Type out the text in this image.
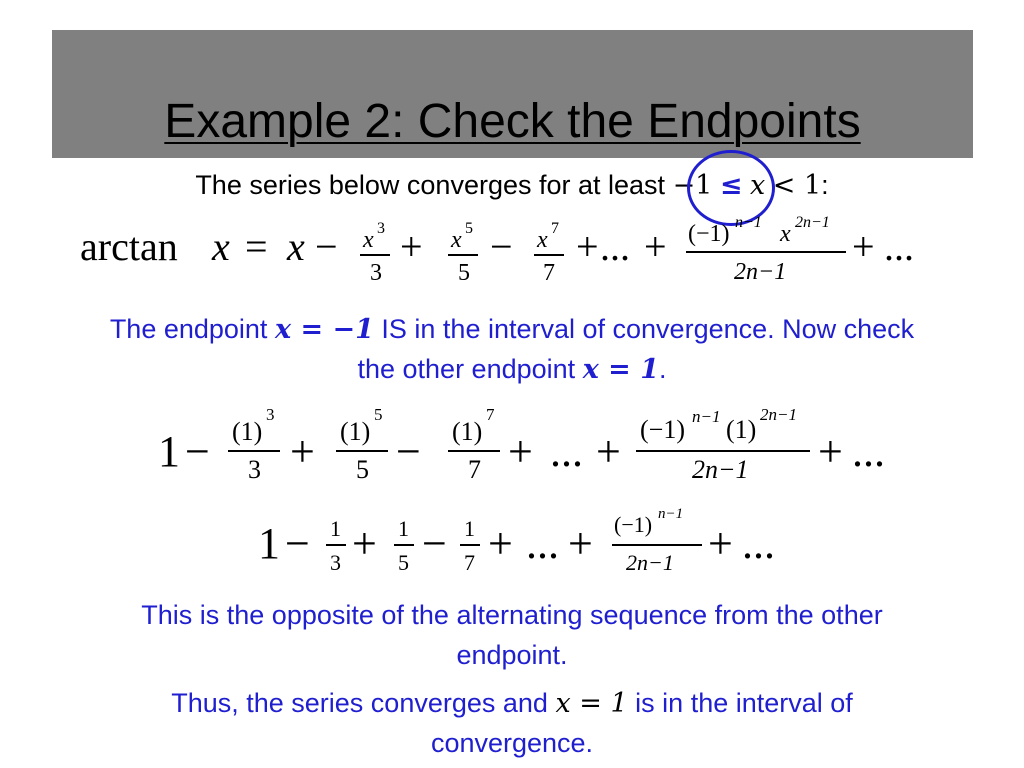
Example 2: Check the Endpoints
The series below converges for at least −1 ≤ x < 1:
arctan x = x − x 3
3
+ x 5
5
− x 7
7
+ ... + (−1) n−1 x 2n−1
2n−1
+ ...
The endpoint x = −1 IS in the interval of convergence. Now check
the other endpoint x = 1.
1 − (1)
3
3 + (1)
5
5 − (1)
7
7 + ... + (−1) n−1 (1)
2n−1
2n−1 + ...
1 − 1
3 + 1
5 − 1
7 + ... + (−1) n−1
2n−1 + ...
This is the opposite of the alternating sequence from the other
endpoint.
Thus, the series converges and x = 1 is in the interval of
convergence.
